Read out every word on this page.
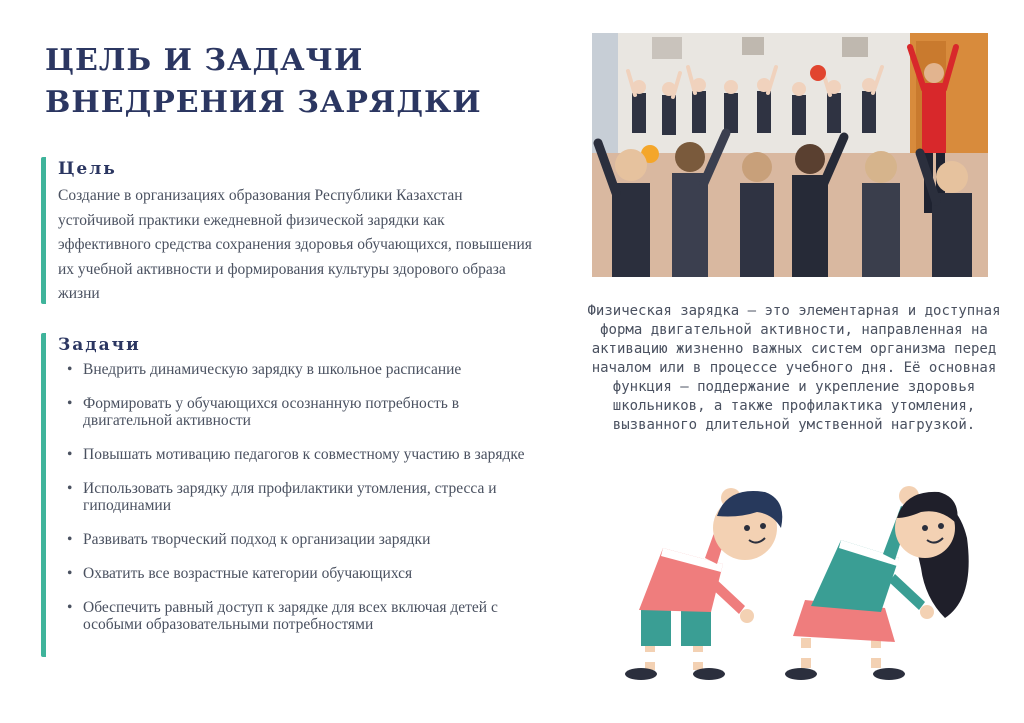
ЦЕЛЬ И ЗАДАЧИ
ВНЕДРЕНИЯ ЗАРЯДКИ
Цель

Создание в организациях образования Республики Казахстан устойчивой практики ежедневной физической зарядки как эффективного средства сохранения здоровья обучающихся, повышения их учебной активности и формирования культуры здорового образа жизни

Задачи
• Внедрить динамическую зарядку в школьное расписание
• Формировать у обучающихся осознанную потребность в двигательной активности
• Повышать мотивацию педагогов к совместному участию в зарядке
• Использовать зарядку для профилактики утомления, стресса и гиподинамии
• Развивать творческий подход к организации зарядки
• Охватить все возрастные категории обучающихся
• Обеспечить равный доступ к зарядке для всех включая детей с особыми образовательными потребностями

Физическая зарядка — это элементарная и доступная форма двигательной активности, направленная на активацию жизненно важных систем организма перед началом или в процессе учебного дня. Её основная функция — поддержание и укрепление здоровья школьников, а также профилактика утомления, вызванного длительной умственной нагрузкой.
